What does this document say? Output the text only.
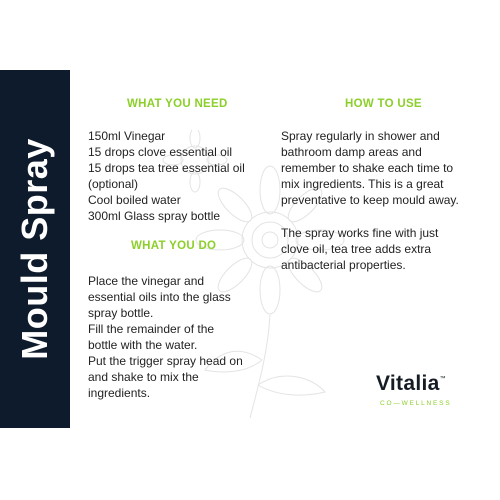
Mould Spray
WHAT YOU NEED
150ml Vinegar
15 drops clove essential oil
15 drops tea tree essential oil
(optional)
Cool boiled water
300ml Glass spray bottle
WHAT YOU DO
Place the vinegar and
essential oils into the glass
spray bottle.
Fill the remainder of the
bottle with the water.
Put the trigger spray head on
and shake to mix the
ingredients.
HOW TO USE
Spray regularly in shower and
bathroom damp areas and
remember to shake each time to
mix ingredients. This is a great
preventative to keep mould away.
The spray works fine with just
clove oil, tea tree adds extra
antibacterial properties.
Vitalia™
CO—WELLNESS
